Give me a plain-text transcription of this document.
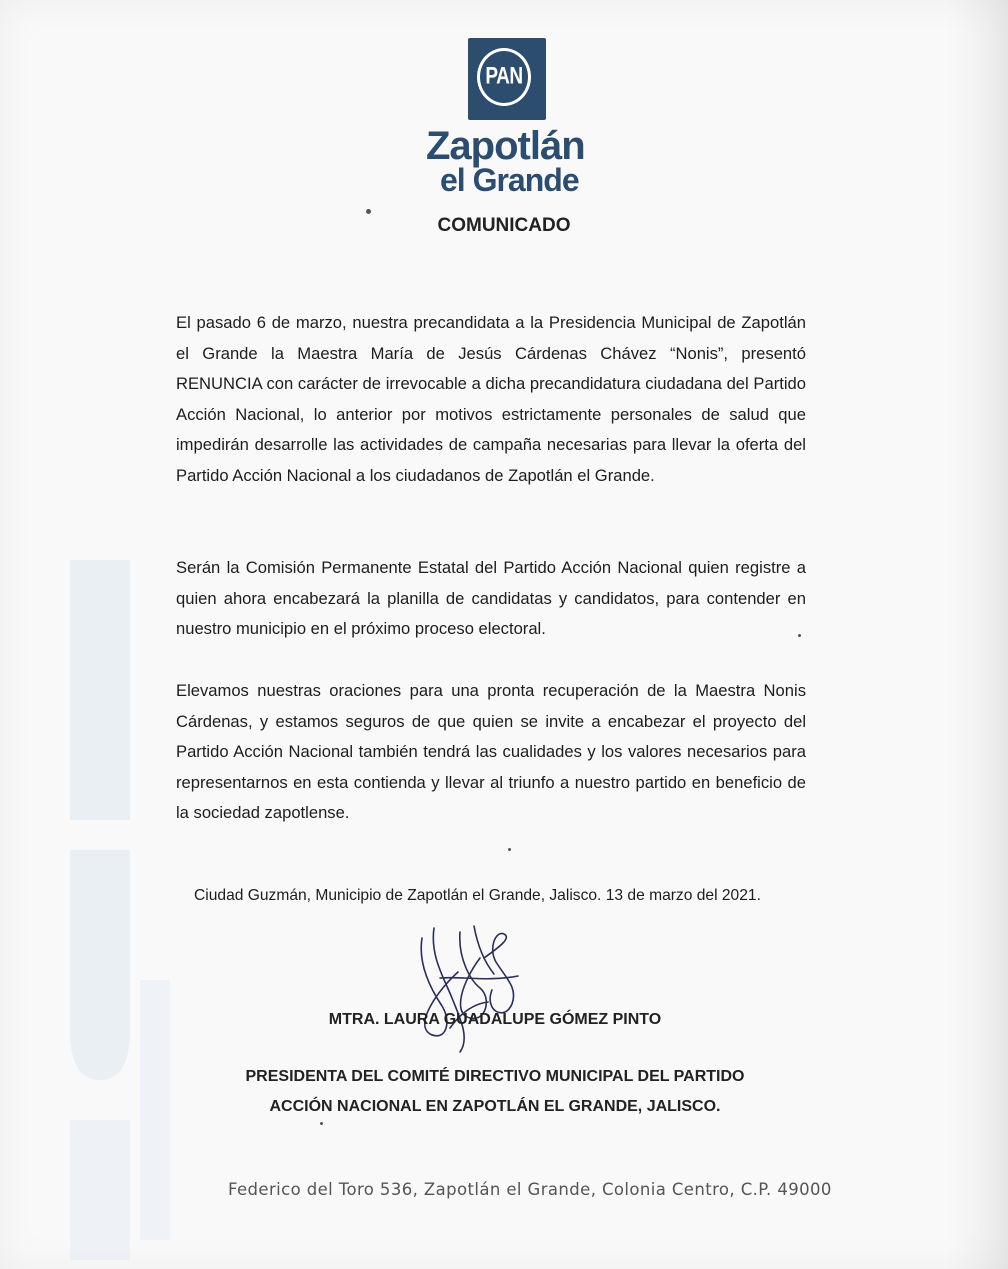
PAN
Zapotlán
el Grande
COMUNICADO

El pasado 6 de marzo, nuestra precandidata a la Presidencia Municipal de Zapotlán el Grande la Maestra María de Jesús Cárdenas Chávez “Nonis”, presentó RENUNCIA con carácter de irrevocable a dicha precandidatura ciudadana del Partido Acción Nacional, lo anterior por motivos estrictamente personales de salud que impedirán desarrolle las actividades de campaña necesarias para llevar la oferta del Partido Acción Nacional a los ciudadanos de Zapotlán el Grande.

Serán la Comisión Permanente Estatal del Partido Acción Nacional quien registre a quien ahora encabezará la planilla de candidatas y candidatos, para contender en nuestro municipio en el próximo proceso electoral.

Elevamos nuestras oraciones para una pronta recuperación de la Maestra Nonis Cárdenas, y estamos seguros de que quien se invite a encabezar el proyecto del Partido Acción Nacional también tendrá las cualidades y los valores necesarios para representarnos en esta contienda y llevar al triunfo a nuestro partido en beneficio de la sociedad zapotlense.

Ciudad Guzmán, Municipio de Zapotlán el Grande, Jalisco. 13 de marzo del 2021.
MTRA. LAURA GUADALUPE GÓMEZ PINTO
PRESIDENTA DEL COMITÉ DIRECTIVO MUNICIPAL DEL PARTIDO
ACCIÓN NACIONAL EN ZAPOTLÁN EL GRANDE, JALISCO.
Federico del Toro 536, Zapotlán el Grande, Colonia Centro, C.P. 49000
